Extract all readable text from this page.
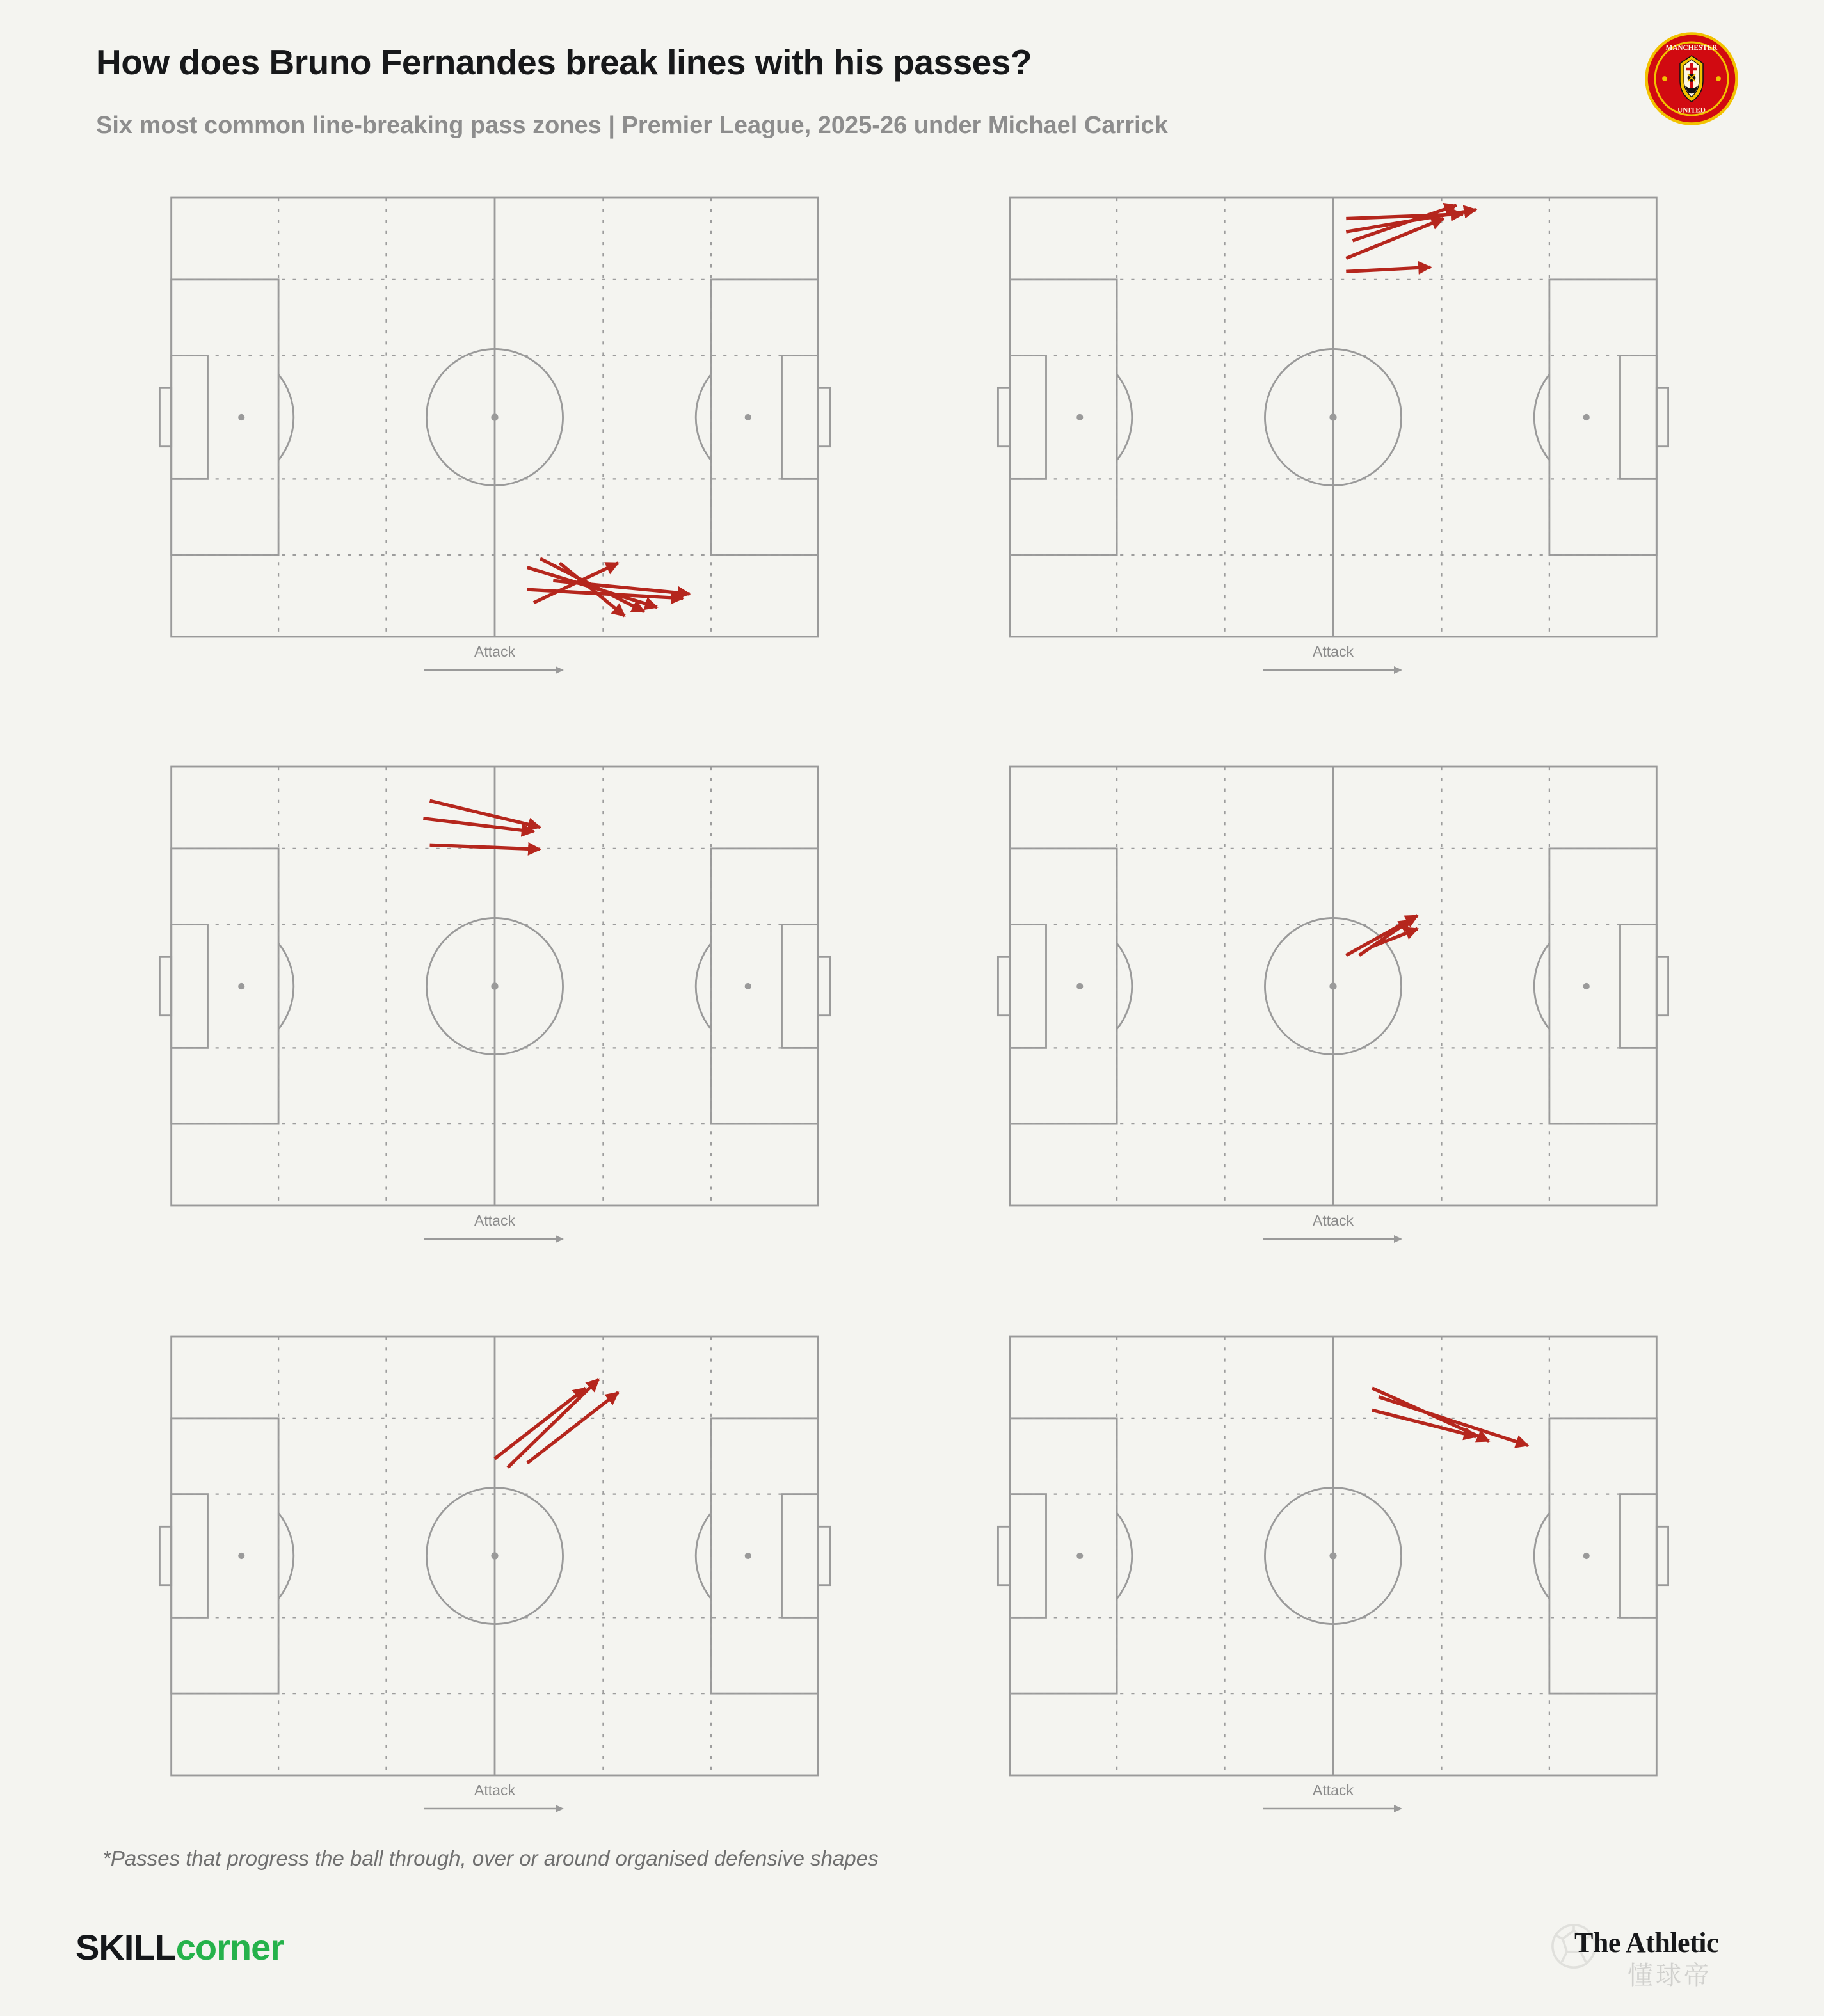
How does Bruno Fernandes break lines with his passes?
Six most common line-breaking pass zones | Premier League, 2025-26 under Michael Carrick
MANCHESTER
UNITED
Attack	Attack
Attack	Attack
Attack	Attack
*Passes that progress the ball through, over or around organised defensive shapes
SKILLcorner	The Athletic
懂球帝
